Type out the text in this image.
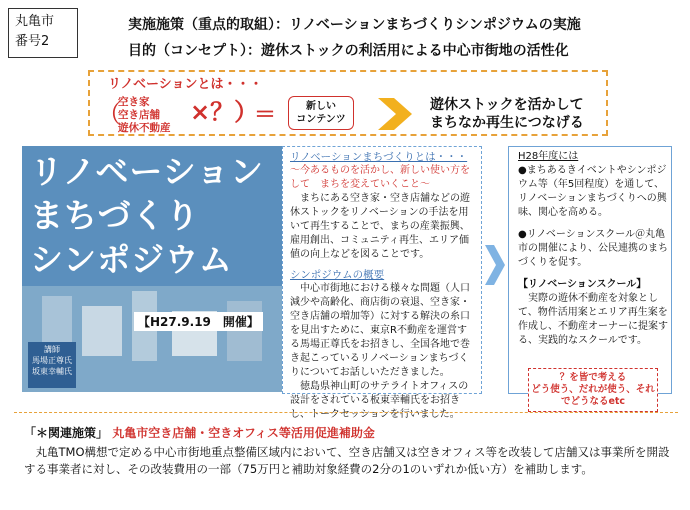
丸亀市
番号2
実施施策（重点的取組）：リノベーションまちづくりシンポジウムの実施
目的（コンセプト）：遊休ストックの利活用による中心市街地の活性化
リノベーションとは・・・
（
空き家
空き店舗
遊休不動産
×？）
＝	新しい
コンテンツ
遊休ストックを活かして
まちなか再生につなげる
リノベーション
まちづくり
シンポジウム
【H27.9.19　開催】
講師
馬場正尊氏
坂東幸輔氏
リノベーションまちづくりとは・・・
～今あるものを活かし、新しい使い方をして　まちを変えていくこと～
まちにある空き家・空き店舗などの遊休ストックをリノベーションの手法を用いて再生することで、まちの産業振興、雇用創出、コミュニティ再生、エリア価値の向上などを図ることです。
シンポジウムの概要
中心市街地における様々な問題（人口減少や高齢化、商店街の衰退、空き家・空き店舗の増加等）に対する解決の糸口を見出すために、東京R不動産を運営する馬場正尊氏をお招きし、全国各地で巻き起こっているリノベーションまちづくりについてお話しいただきました。
徳島県神山町のサテライトオフィスの設計をされている板東幸輔氏をお招きし、トークセッションを行いました。
H28年度には
●まちあるきイベントやシンポジウム等（年5回程度）を通して、リノベーションまちづくりへの興味、関心を高める。
●リノベーションスクール＠丸亀市の開催により、公民連携のまちづくりを促す。
【リノベーションスクール】
実際の遊休不動産を対象として、物件活用案とエリア再生案を作成し、不動産オーナーに提案する、実践的なスクールです。
？を皆で考える
どう使う、だれが使う、それでどうなるetc
「＊関連施策」 丸亀市空き店舗・空きオフィス等活用促進補助金
丸亀TMO構想で定める中心市街地重点整備区域内において、空き店舗又は空きオフィス等を改装して店舗又は事業所を開設する事業者に対し、その改装費用の一部（75万円と補助対象経費の2分の1のいずれか低い方）を補助します。
